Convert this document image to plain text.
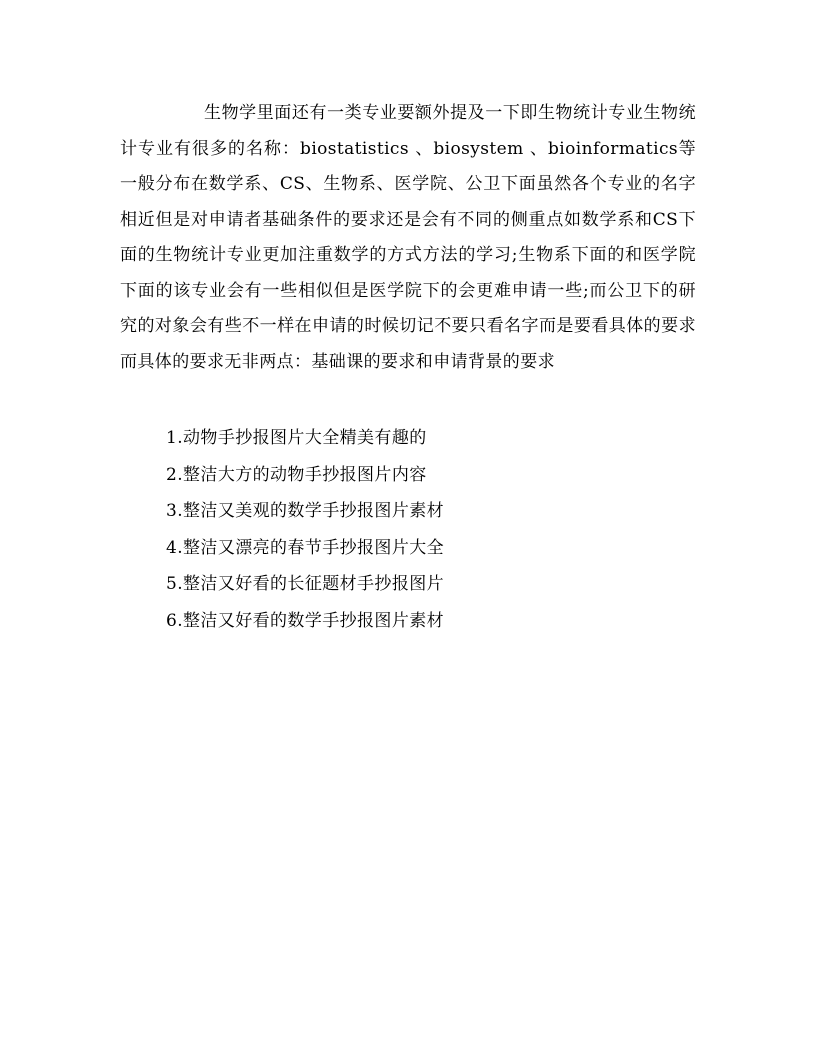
生物学里面还有一类专业要额外提及一下即生物统计专业生物统计专业有很多的名称：biostatistics 、biosystem 、bioinformatics等一般分布在数学系、CS、生物系、医学院、公卫下面虽然各个专业的名字相近但是对申请者基础条件的要求还是会有不同的侧重点如数学系和CS下面的生物统计专业更加注重数学的方式方法的学习;生物系下面的和医学院下面的该专业会有一些相似但是医学院下的会更难申请一些;而公卫下的研究的对象会有些不一样在申请的时候切记不要只看名字而是要看具体的要求而具体的要求无非两点：基础课的要求和申请背景的要求

1.动物手抄报图片大全精美有趣的
2.整洁大方的动物手抄报图片内容
3.整洁又美观的数学手抄报图片素材
4.整洁又漂亮的春节手抄报图片大全
5.整洁又好看的长征题材手抄报图片
6.整洁又好看的数学手抄报图片素材
